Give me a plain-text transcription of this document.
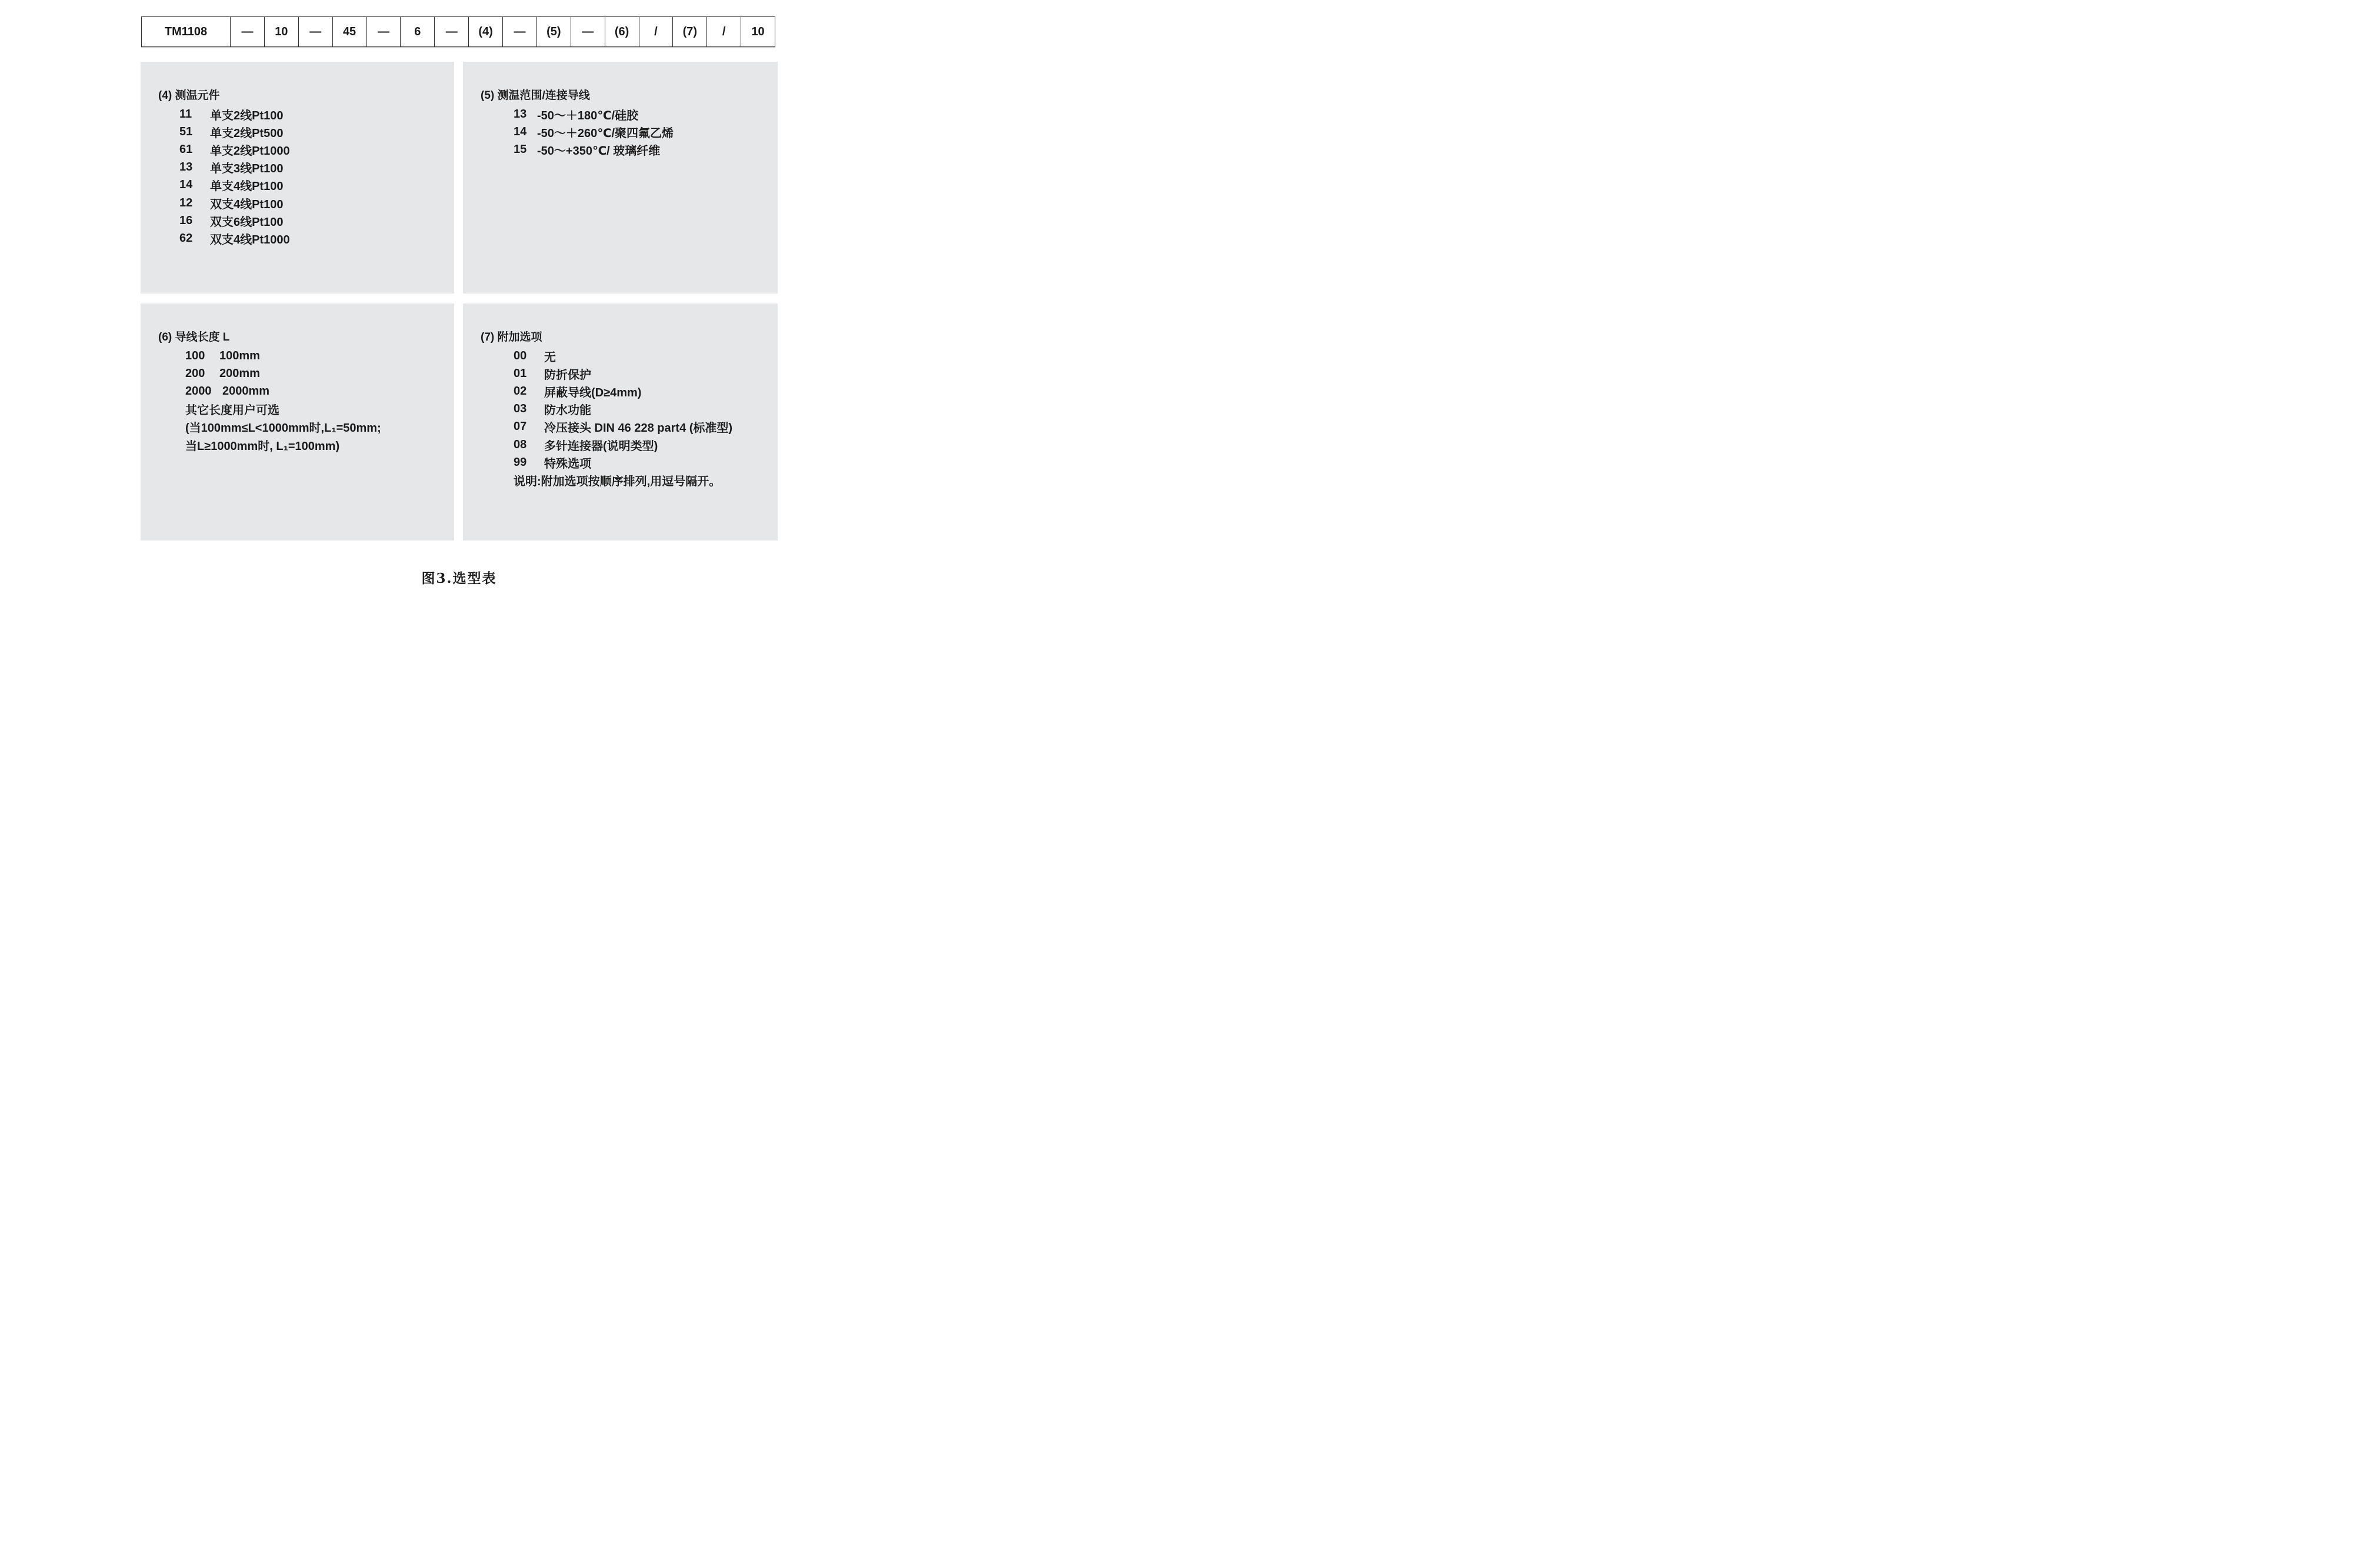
TM1108	—	10	—	45	—	6	—	(4)	—	(5)	—	(6)	/	(7)	/	10
(4) 测温元件
11	单支2线Pt100
51	单支2线Pt500
61	单支2线Pt1000
13	单支3线Pt100
14	单支4线Pt100
12	双支4线Pt100
16	双支6线Pt100
62	双支4线Pt1000
(5) 测温范围/连接导线
13 -50～＋180℃/硅胶
14 -50～＋260℃/聚四氟乙烯
15 -50～+350℃/ 玻璃纤维
(6) 导线长度 L
100	100mm
200	200mm
2000 2000mm
其它长度用户可选
(当100mm≤L<1000mm时,L₁=50mm;
当L≥1000mm时, L₁=100mm)
(7) 附加选项
00	无
01	防折保护
02	屏蔽导线(D≥4mm)
03	防水功能
07	冷压接头 DIN 46 228 part4 (标准型)
08	多针连接器(说明类型)
99	特殊选项
说明:附加选项按顺序排列,用逗号隔开。
图3.选型表
